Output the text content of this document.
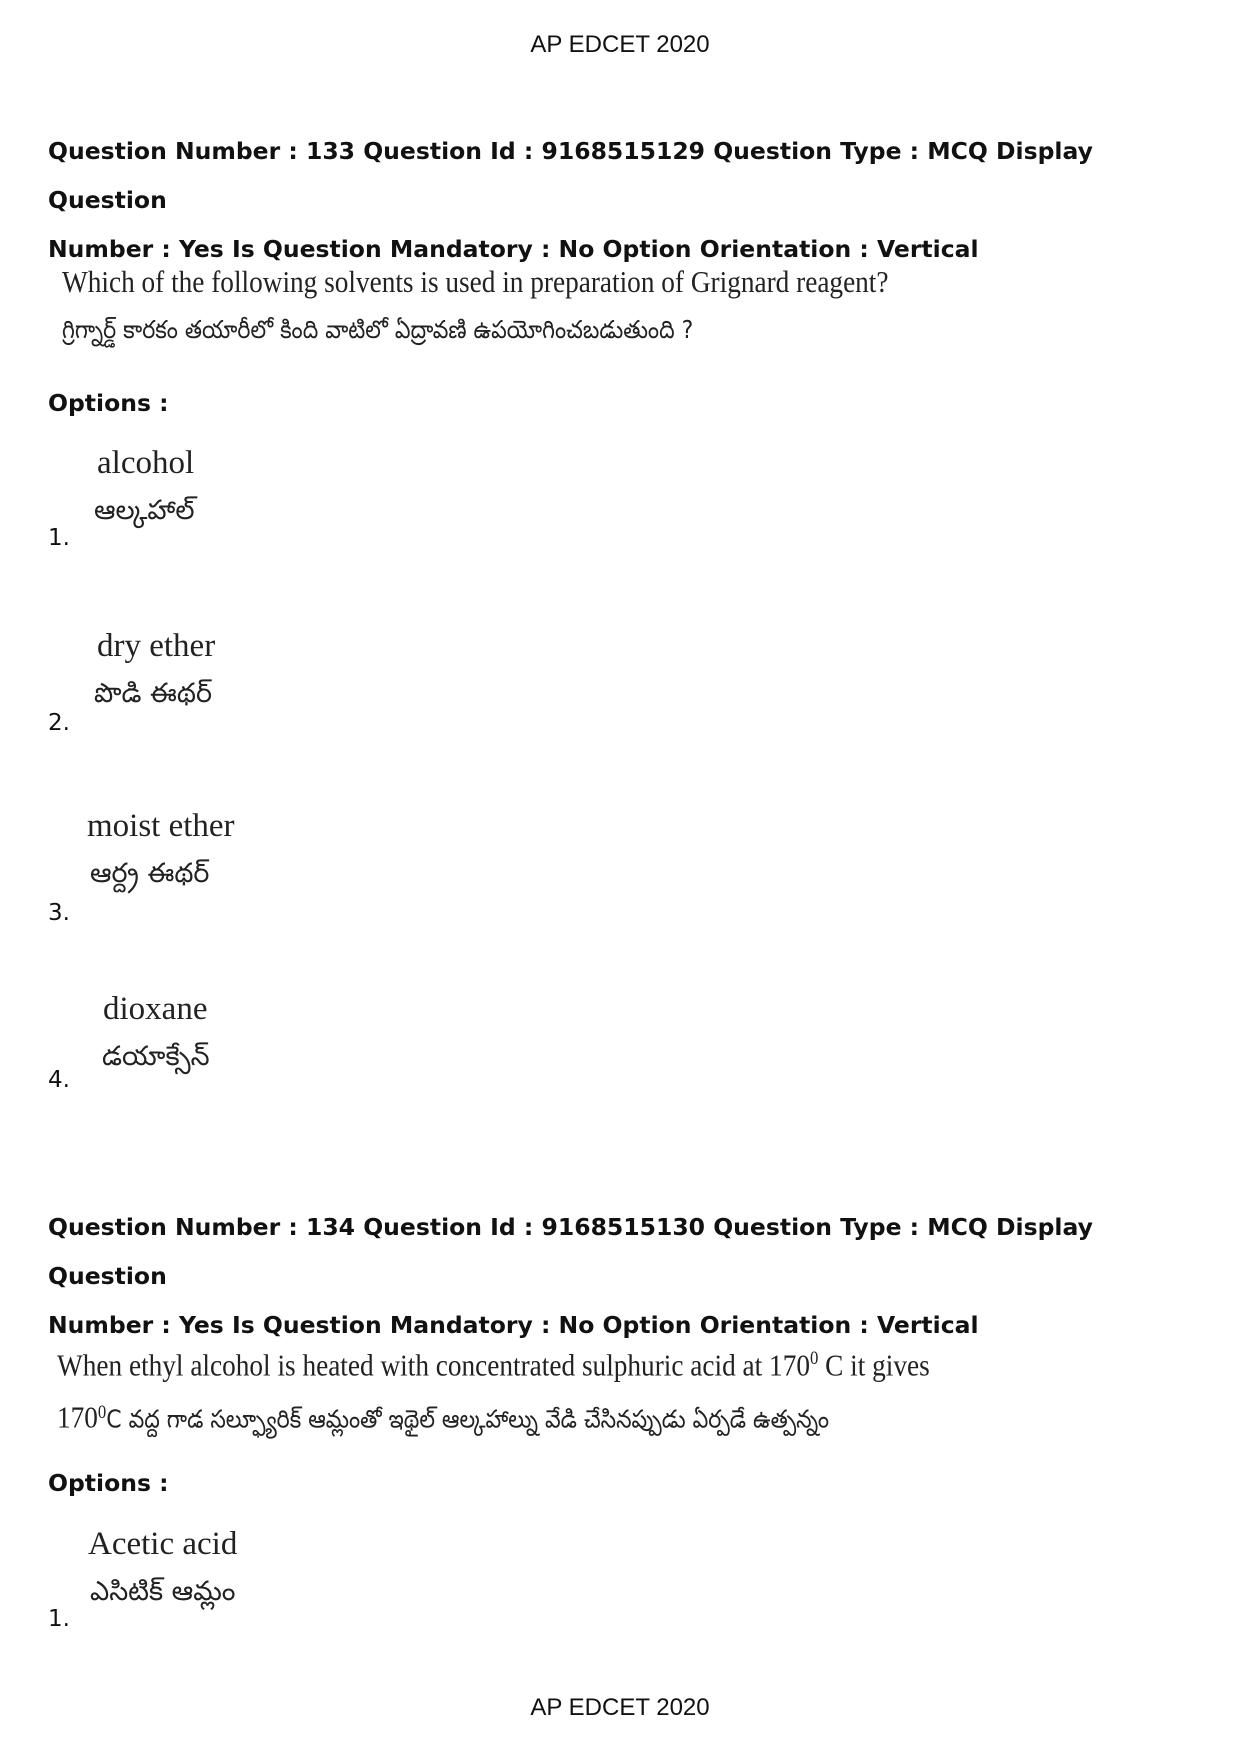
AP EDCET 2020
Question Number : 133 Question Id : 9168515129 Question Type : MCQ Display Question
Number : Yes Is Question Mandatory : No Option Orientation : Vertical
Which of the following solvents is used in preparation of Grignard reagent?
గ్రిగ్నార్డ్ కారకం తయారీలో కింది వాటిలో ఏద్రావణి ఉపయోగించబడుతుంది ?
Options :
alcohol
ఆల్కహాల్
1.
dry ether
పొడి ఈథర్
2.
moist ether
ఆర్ద్ర ఈథర్
3.
dioxane
డయాక్సేన్
4.
Question Number : 134 Question Id : 9168515130 Question Type : MCQ Display Question
Number : Yes Is Question Mandatory : No Option Orientation : Vertical
When ethyl alcohol is heated with concentrated sulphuric acid at $170^0$ C it gives
$170^0C$ వద్ద గాడ సల్ఫ్యూరిక్ ఆమ్లంతో ఇథైల్ ఆల్కహాల్ను వేడి చేసినప్పుడు ఏర్పడే ఉత్పన్నం
Options :
Acetic acid
ఎసిటిక్ ఆమ్లం
1.
AP EDCET 2020
